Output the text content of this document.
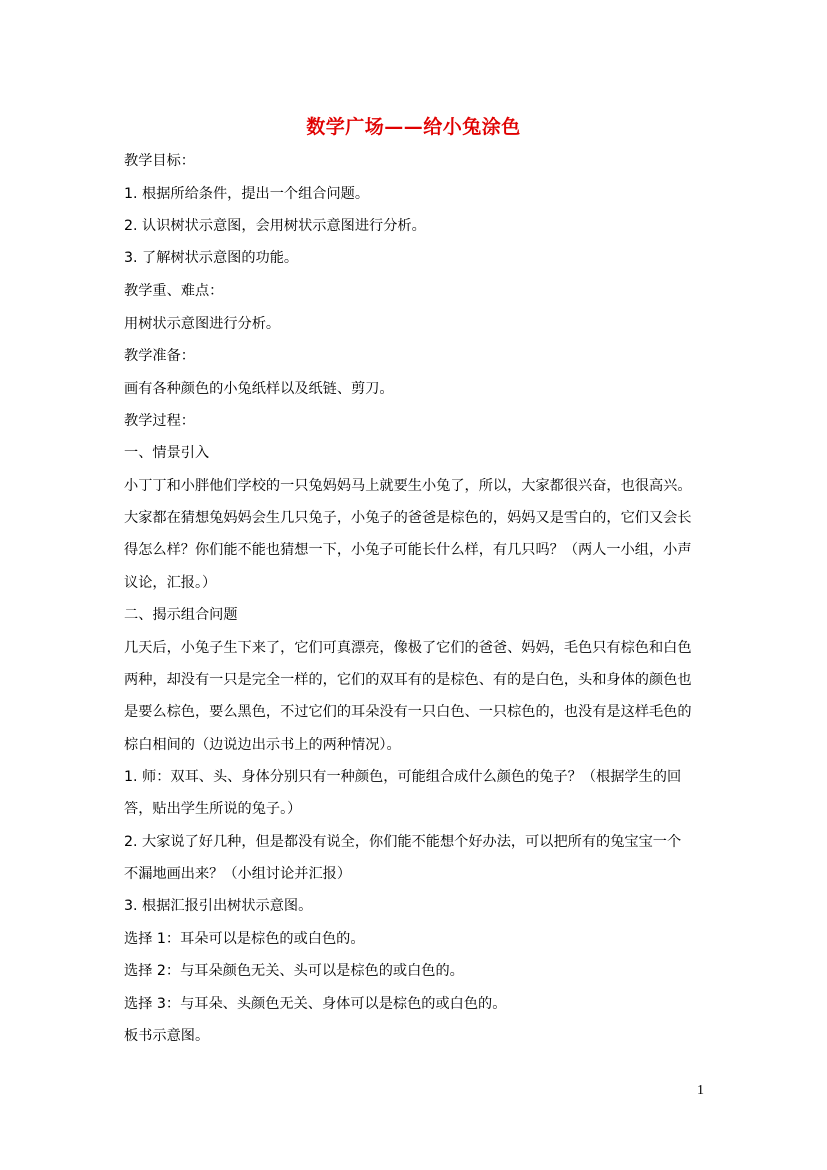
数学广场——给小兔涂色
教学目标：
1. 根据所给条件，提出一个组合问题。
2. 认识树状示意图，会用树状示意图进行分析。
3. 了解树状示意图的功能。
教学重、难点：
用树状示意图进行分析。
教学准备：
画有各种颜色的小兔纸样以及纸链、剪刀。
教学过程：
一、情景引入
小丁丁和小胖他们学校的一只兔妈妈马上就要生小兔了，所以，大家都很兴奋，也很高兴。
大家都在猜想兔妈妈会生几只兔子，小兔子的爸爸是棕色的，妈妈又是雪白的，它们又会长
得怎么样？你们能不能也猜想一下，小兔子可能长什么样，有几只吗？（两人一小组，小声
议论，汇报。）
二、揭示组合问题
几天后，小兔子生下来了，它们可真漂亮，像极了它们的爸爸、妈妈，毛色只有棕色和白色
两种，却没有一只是完全一样的，它们的双耳有的是棕色、有的是白色，头和身体的颜色也
是要么棕色，要么黑色，不过它们的耳朵没有一只白色、一只棕色的，也没有是这样毛色的
棕白相间的（边说边出示书上的两种情况）。
1. 师：双耳、头、身体分别只有一种颜色，可能组合成什么颜色的兔子？（根据学生的回
答，贴出学生所说的兔子。）
2. 大家说了好几种，但是都没有说全，你们能不能想个好办法，可以把所有的兔宝宝一个
不漏地画出来？（小组讨论并汇报）
3. 根据汇报引出树状示意图。
选择 1：耳朵可以是棕色的或白色的。
选择 2：与耳朵颜色无关、头可以是棕色的或白色的。
选择 3：与耳朵、头颜色无关、身体可以是棕色的或白色的。
板书示意图。
1
